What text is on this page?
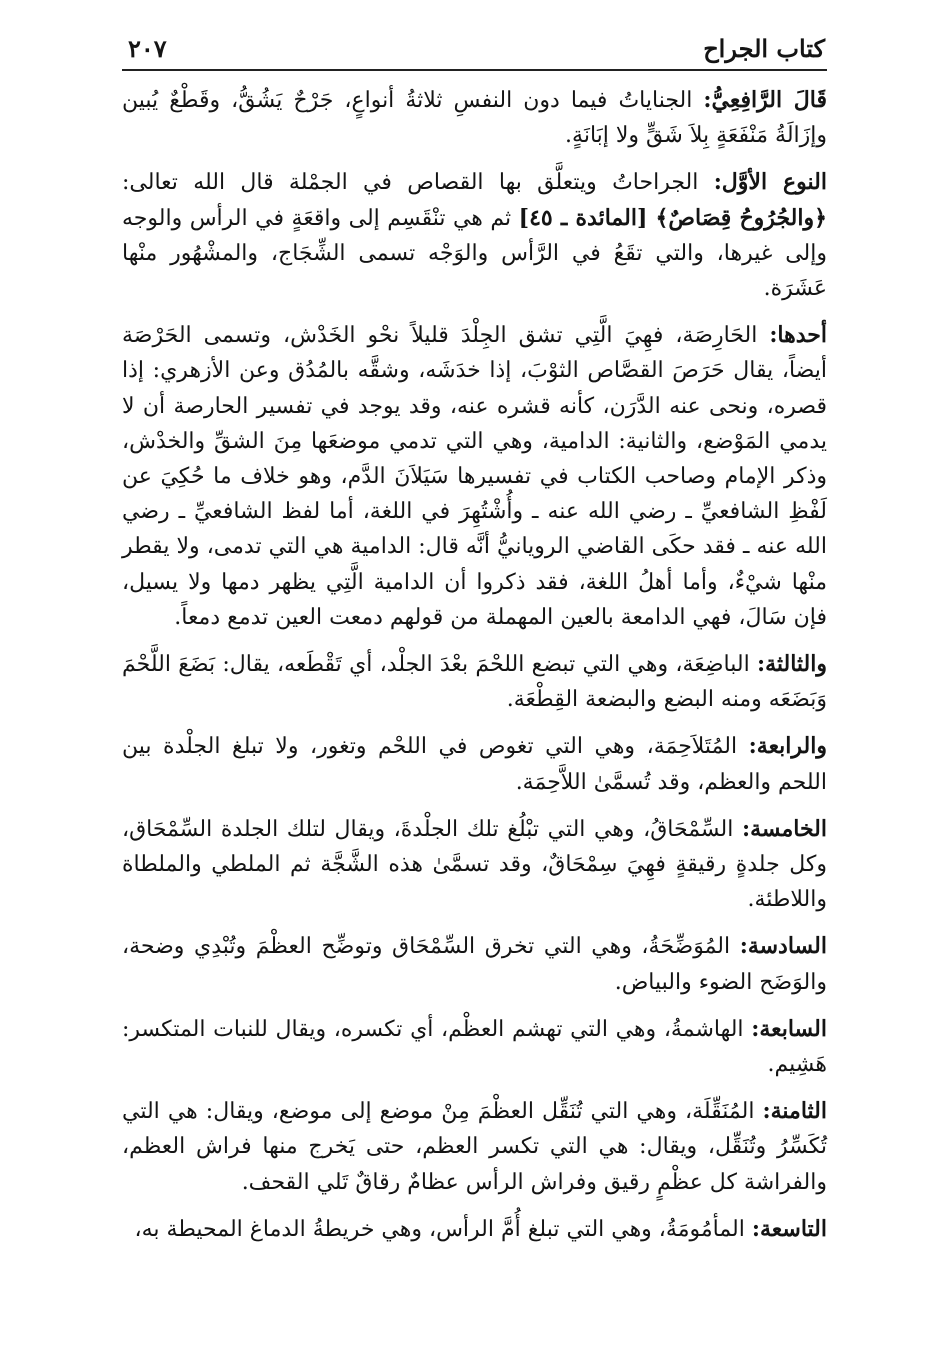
كتاب الجراح
٢٠٧

قَالَ الرَّافِعِيُّ: الجناياتُ فيما دون النفسِ ثلاثةُ أنواعٍ، جَرْحٌ يَشُقُّ، وقَطْعٌ يُبين وإزَالَةُ مَنْفَعَةٍ بِلاَ شَقٍّ ولا إبَانَةٍ.

النوع الأوَّل: الجراحاتُ ويتعلَّق بها القصاص في الجمْلة قال الله تعالى: ﴿والجُرُوحُ قِصَاصٌ﴾ [المائدة ـ ٤٥] ثم هي تنْقَسِم إلى واقعَةٍ في الرأس والوجه وإلى غيرها، والتي تقَعُ في الرَّأس والوَجْه تسمى الشِّجَاج، والمشْهُور منْها عَشَرَة.

أحدها: الحَارِصَة، فهِيَ الَّتِي تشق الجِلْدَ قليلاً نحْو الخَدْش، وتسمى الحَرْصَة أيضاً، يقال حَرَصَ القصَّاص الثوْبَ، إذا خدَشَه، وشقَّه بالمُدُق وعن الأزهري: إذا قصره، ونحى عنه الدَّرَن، كأنه قشره عنه، وقد يوجد في تفسير الحارصة أن لا يدمي المَوْضع، والثانية: الدامية، وهي التي تدمي موضعَها مِنَ الشقِّ والخدْش، وذكر الإمام وصاحب الكتاب في تفسيرها سَيَلاَنَ الدَّم، وهو خلاف ما حُكِيَ عن لَفْظِ الشافعيِّ ـ رضي الله عنه ـ وأُشْتُهِرَ في اللغة، أما لفظ الشافعيِّ ـ رضي الله عنه ـ فقد حكَى القاضي الرويانيُّ أنَّه قال: الدامية هي التي تدمى، ولا يقطر منْها شيْءٌ، وأما أهلُ اللغة، فقد ذكروا أن الدامية الَّتِي يظهر دمها ولا يسيل، فإن سَالَ، فهي الدامعة بالعين المهملة من قولهم دمعت العين تدمع دمعاً.

والثالثة: الباضِعَة، وهي التي تبضع اللحْمَ بعْدَ الجلْد، أي تَقْطَعه، يقال: بَضَعَ اللَّحْمَ وَبَضَعَه ومنه البضع والبضعة القِطْعَة.

والرابعة: المُتَلاَحِمَة، وهي التي تغوص في اللحْم وتغور، ولا تبلغ الجلْدة بين اللحم والعظم، وقد تُسمَّىٰ اللاَّحِمَة.

الخامسة: السِّمْحَاقُ، وهي التي تبْلُغ تلك الجلْدةَ، ويقال لتلك الجلدة السِّمْحَاق، وكل جلدةٍ رقيقةٍ فهِيَ سِمْحَاقٌ، وقد تسمَّىٰ هذه الشَّجَّة ثم الملطي والملطاة واللاطئة.

السادسة: المُوَضِّحَةُ، وهي التي تخرق السِّمْحَاق وتوضِّح العظْمَ وتُبْدِي وضحة، والوَضَح الضوء والبياض.

السابعة: الهاشمةُ، وهي التي تهشم العظْم، أي تكسره، ويقال للنبات المتكسر: هَشِيم.

الثامنة: المُنَقِّلَة، وهي التي تُنَقِّل العظْمَ مِنْ موضع إلى موضع، ويقال: هي التي تُكَسِّرُ وتُنَقِّل، ويقال: هي التي تكسر العظم، حتى يَخرج منها فراش العظم، والفراشة كل عظْمٍ رقيق وفراش الرأس عظامٌ رقاقٌ تَلي القحف.

التاسعة: المأمُومَةُ، وهي التي تبلغ أُمَّ الرأس، وهي خريطةُ الدماغ المحيطة به،
